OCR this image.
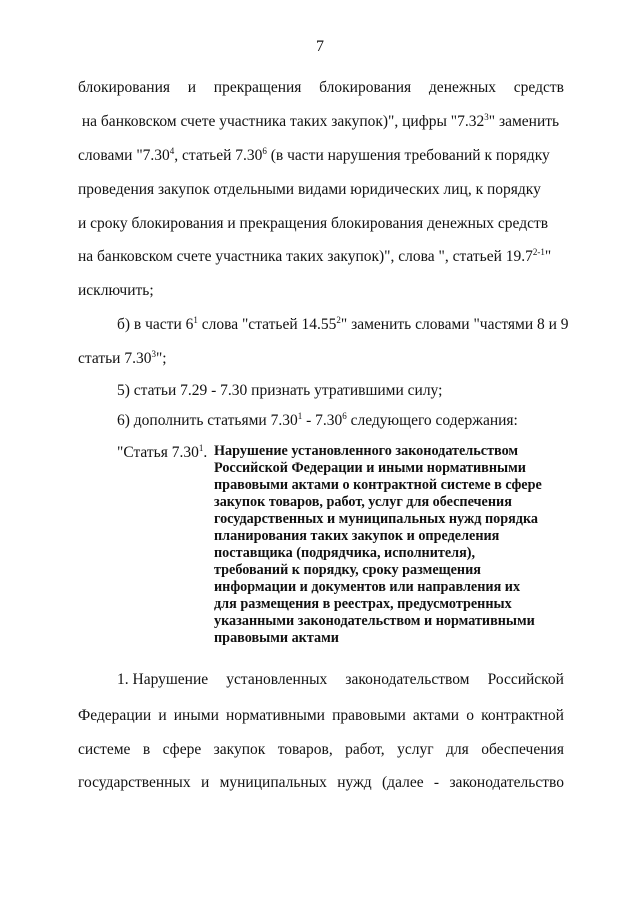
7
блокирования и прекращения блокирования денежных средств
на банковском счете участника таких закупок)", цифры "7.32$^3$" заменить
словами "7.30$^4$, статьей 7.30$^6$ (в части нарушения требований к порядку
проведения закупок отдельными видами юридических лиц, к порядку
и сроку блокирования и прекращения блокирования денежных средств
на банковском счете участника таких закупок)", слова ", статьей 19.7$^{2-1}$"
исключить;
б) в части $6^1$ слова "статьей 14.55$^2$" заменить словами "частями 8 и 9
статьи 7.30$^3$";
5) статьи 7.29 - 7.30 признать утратившими силу;
6) дополнить статьями 7.30$^1$ - 7.30$^6$ следующего содержания:
"Статья 7.30$^1$. Нарушение установленного законодательством
Российской Федерации и иными нормативными
правовыми актами о контрактной системе в сфере
закупок товаров, работ, услуг для обеспечения
государственных и муниципальных нужд порядка
планирования таких закупок и определения
поставщика (подрядчика, исполнителя),
требований к порядку, сроку размещения
информации и документов или направления их
для размещения в реестрах, предусмотренных
указанными законодательством и нормативными
правовыми актами
1. Нарушение установленных законодательством Российской
Федерации и иными нормативными правовыми актами о контрактной
системе в сфере закупок товаров, работ, услуг для обеспечения
государственных и муниципальных нужд (далее - законодательство
